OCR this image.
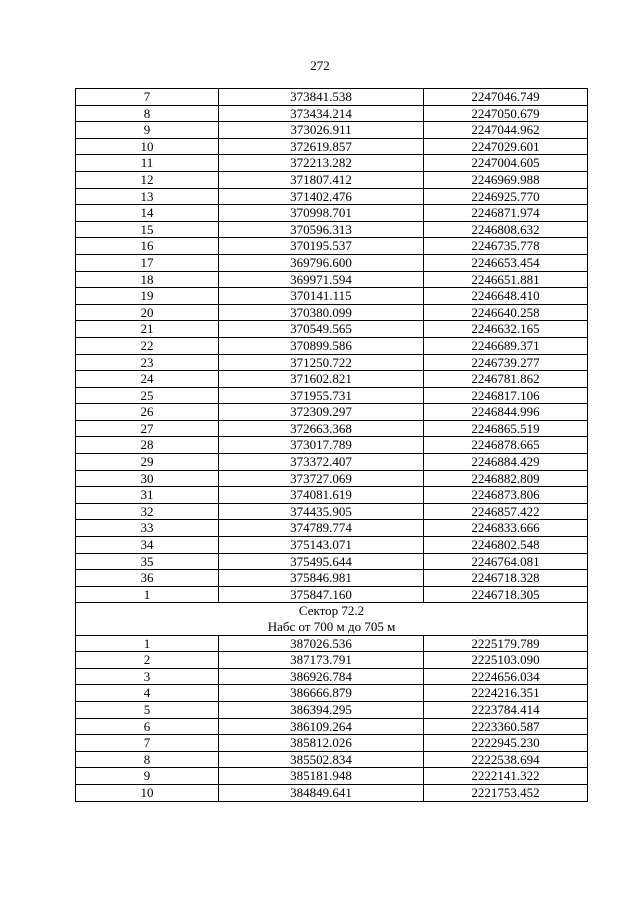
272
7	373841.538	2247046.749
8	373434.214	2247050.679
9	373026.911	2247044.962
10	372619.857	2247029.601
11	372213.282	2247004.605
12	371807.412	2246969.988
13	371402.476	2246925.770
14	370998.701	2246871.974
15	370596.313	2246808.632
16	370195.537	2246735.778
17	369796.600	2246653.454
18	369971.594	2246651.881
19	370141.115	2246648.410
20	370380.099	2246640.258
21	370549.565	2246632.165
22	370899.586	2246689.371
23	371250.722	2246739.277
24	371602.821	2246781.862
25	371955.731	2246817.106
26	372309.297	2246844.996
27	372663.368	2246865.519
28	373017.789	2246878.665
29	373372.407	2246884.429
30	373727.069	2246882.809
31	374081.619	2246873.806
32	374435.905	2246857.422
33	374789.774	2246833.666
34	375143.071	2246802.548
35	375495.644	2246764.081
36	375846.981	2246718.328
1	375847.160	2246718.305

Сектор 72.2
Набс от 700 м до 705 м		

1	387026.536	2225179.789
2	387173.791	2225103.090
3	386926.784	2224656.034
4	386666.879	2224216.351
5	386394.295	2223784.414
6	386109.264	2223360.587
7	385812.026	2222945.230
8	385502.834	2222538.694
9	385181.948	2222141.322
10	384849.641	2221753.452
